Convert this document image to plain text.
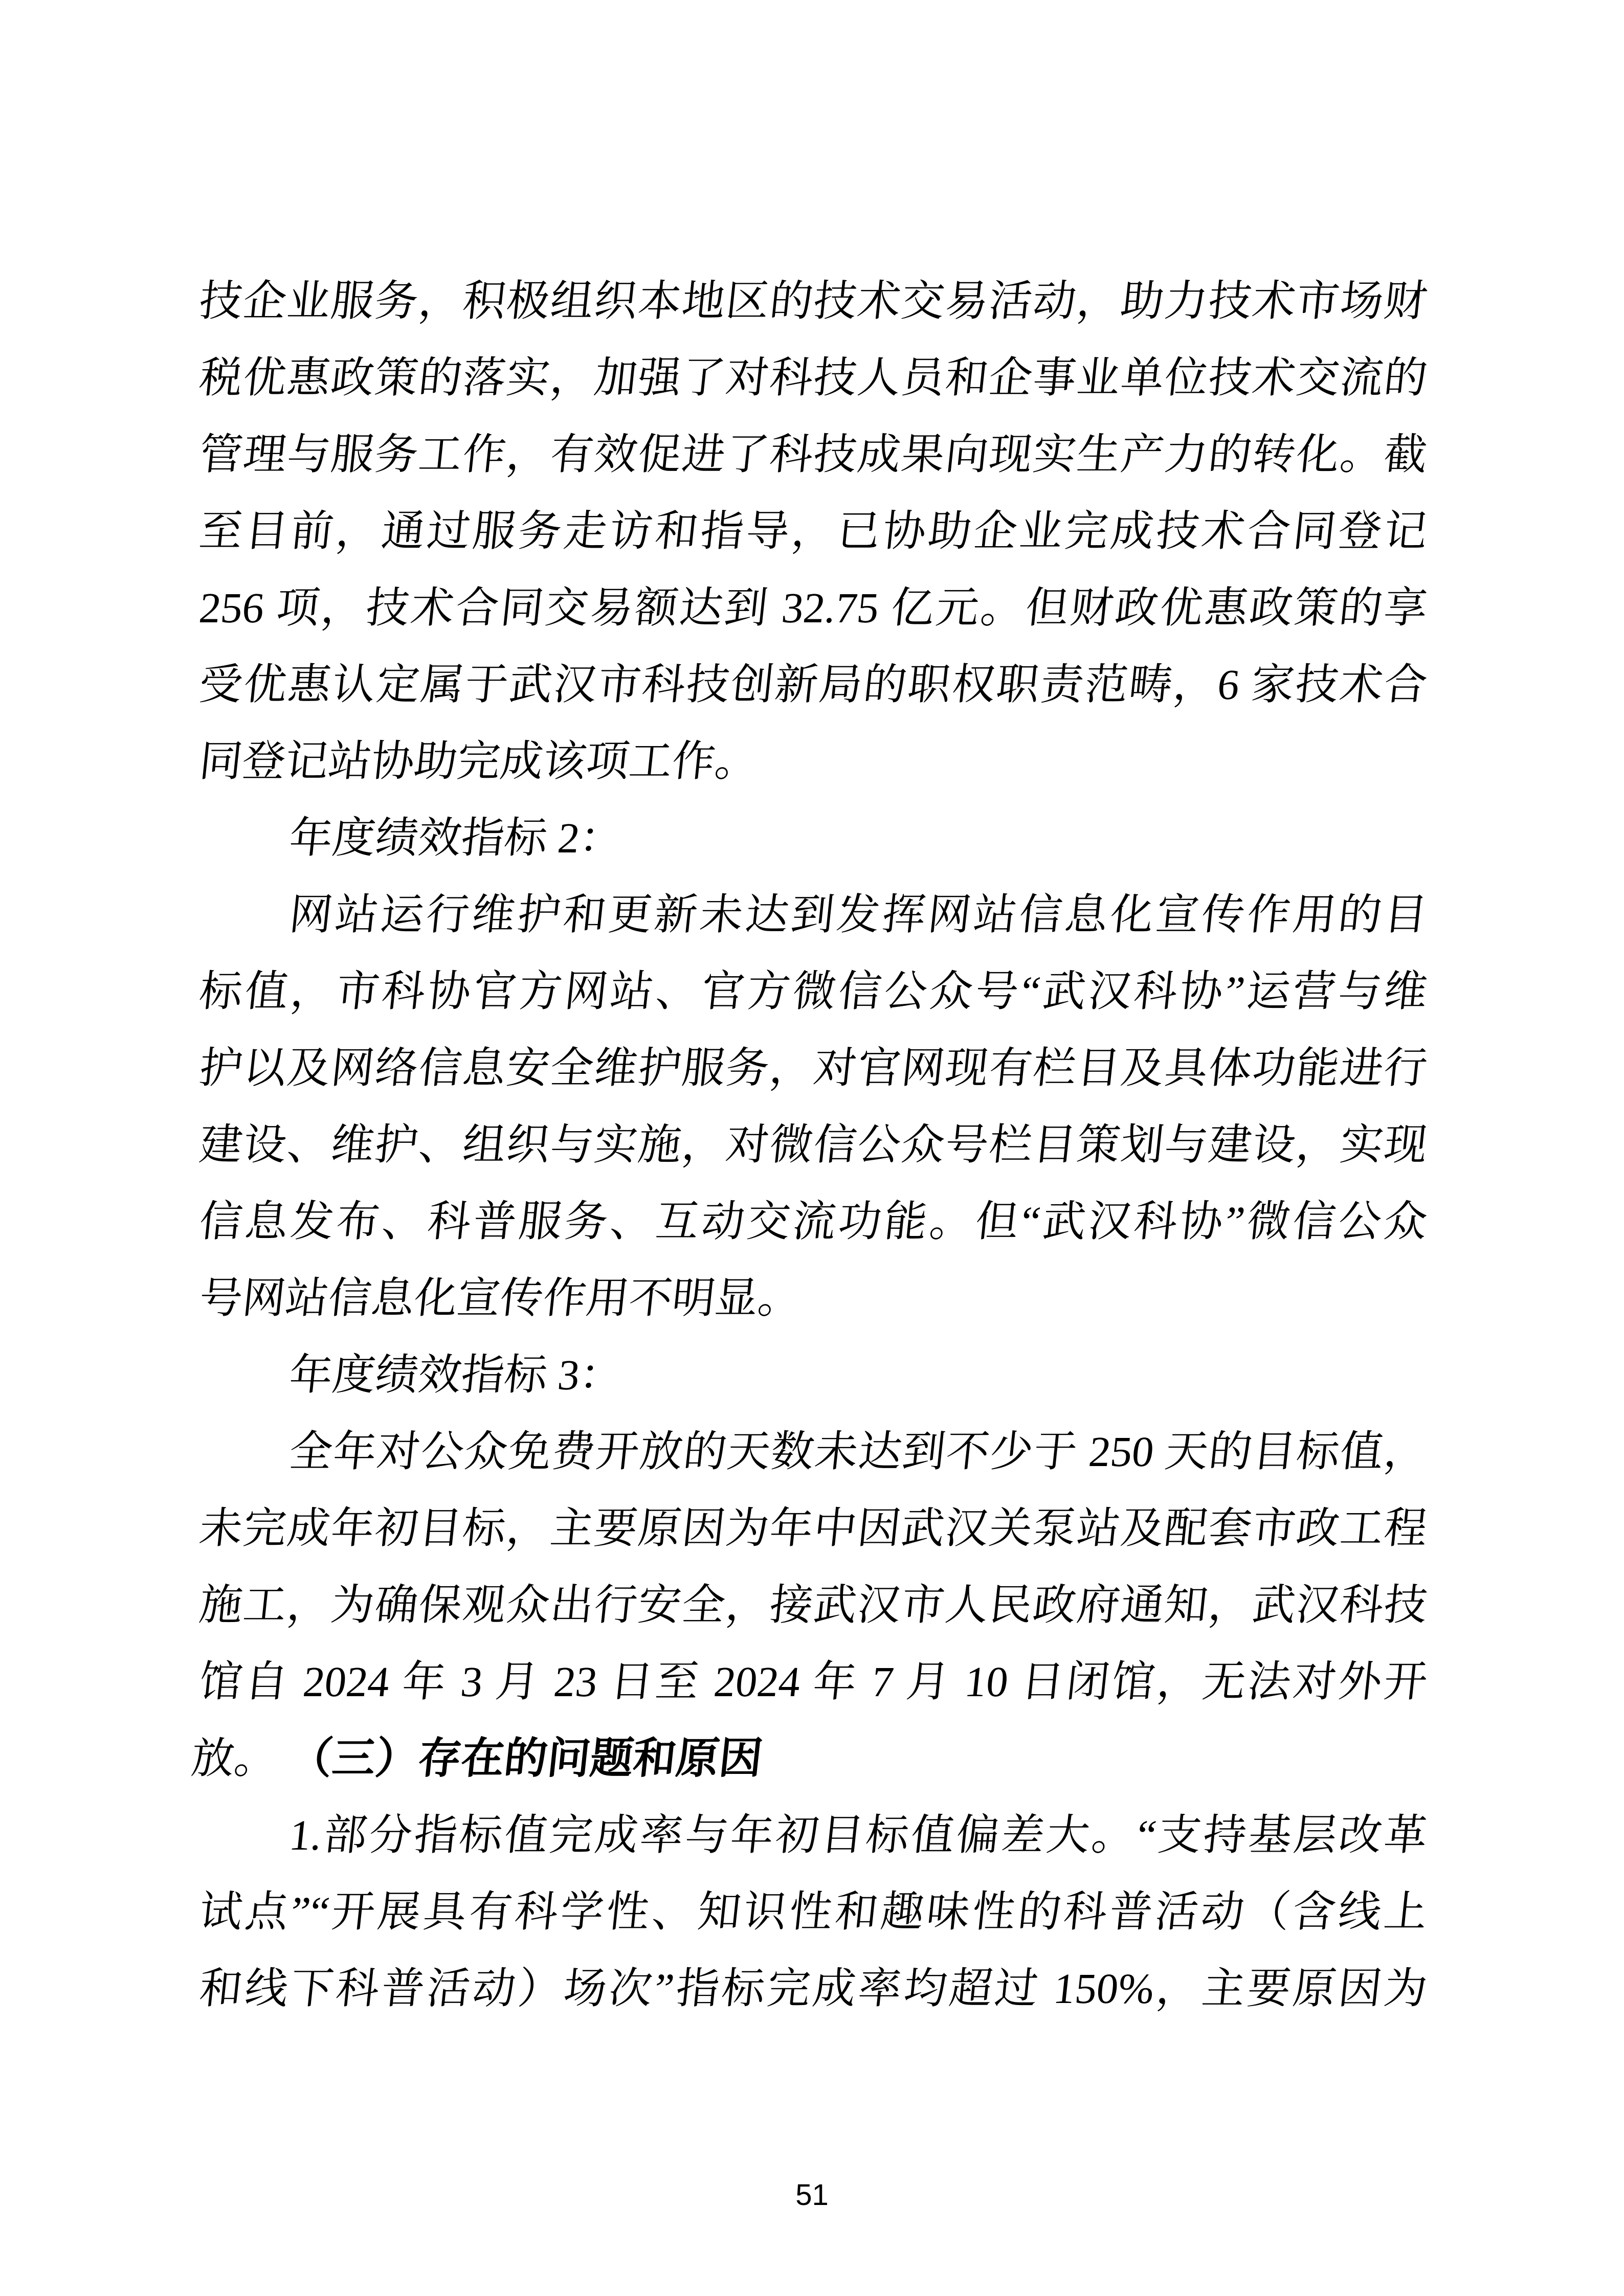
技企业服务，积极组织本地区的技术交易活动，助力技术市场财
税优惠政策的落实，加强了对科技人员和企事业单位技术交流的
管理与服务工作，有效促进了科技成果向现实生产力的转化。截
至目前，通过服务走访和指导，已协助企业完成技术合同登记
256 项，技术合同交易额达到 32.75 亿元。但财政优惠政策的享
受优惠认定属于武汉市科技创新局的职权职责范畴，6 家技术合
同登记站协助完成该项工作。
年度绩效指标 2：
网站运行维护和更新未达到发挥网站信息化宣传作用的目
标值，市科协官方网站、官方微信公众号“武汉科协”运营与维
护以及网络信息安全维护服务，对官网现有栏目及具体功能进行
建设、维护、组织与实施，对微信公众号栏目策划与建设，实现
信息发布、科普服务、互动交流功能。但“武汉科协”微信公众
号网站信息化宣传作用不明显。
年度绩效指标 3：
全年对公众免费开放的天数未达到不少于 250 天的目标值，
未完成年初目标，主要原因为年中因武汉关泵站及配套市政工程
施工，为确保观众出行安全，接武汉市人民政府通知，武汉科技
馆自 2024 年 3 月 23 日至 2024 年 7 月 10 日闭馆，无法对外开放。 （三）存在的问题和原因
1.部分指标值完成率与年初目标值偏差大。“支持基层改革
试点”“开展具有科学性、知识性和趣味性的科普活动（含线上
和线下科普活动）场次”指标完成率均超过 150%，主要原因为
51
